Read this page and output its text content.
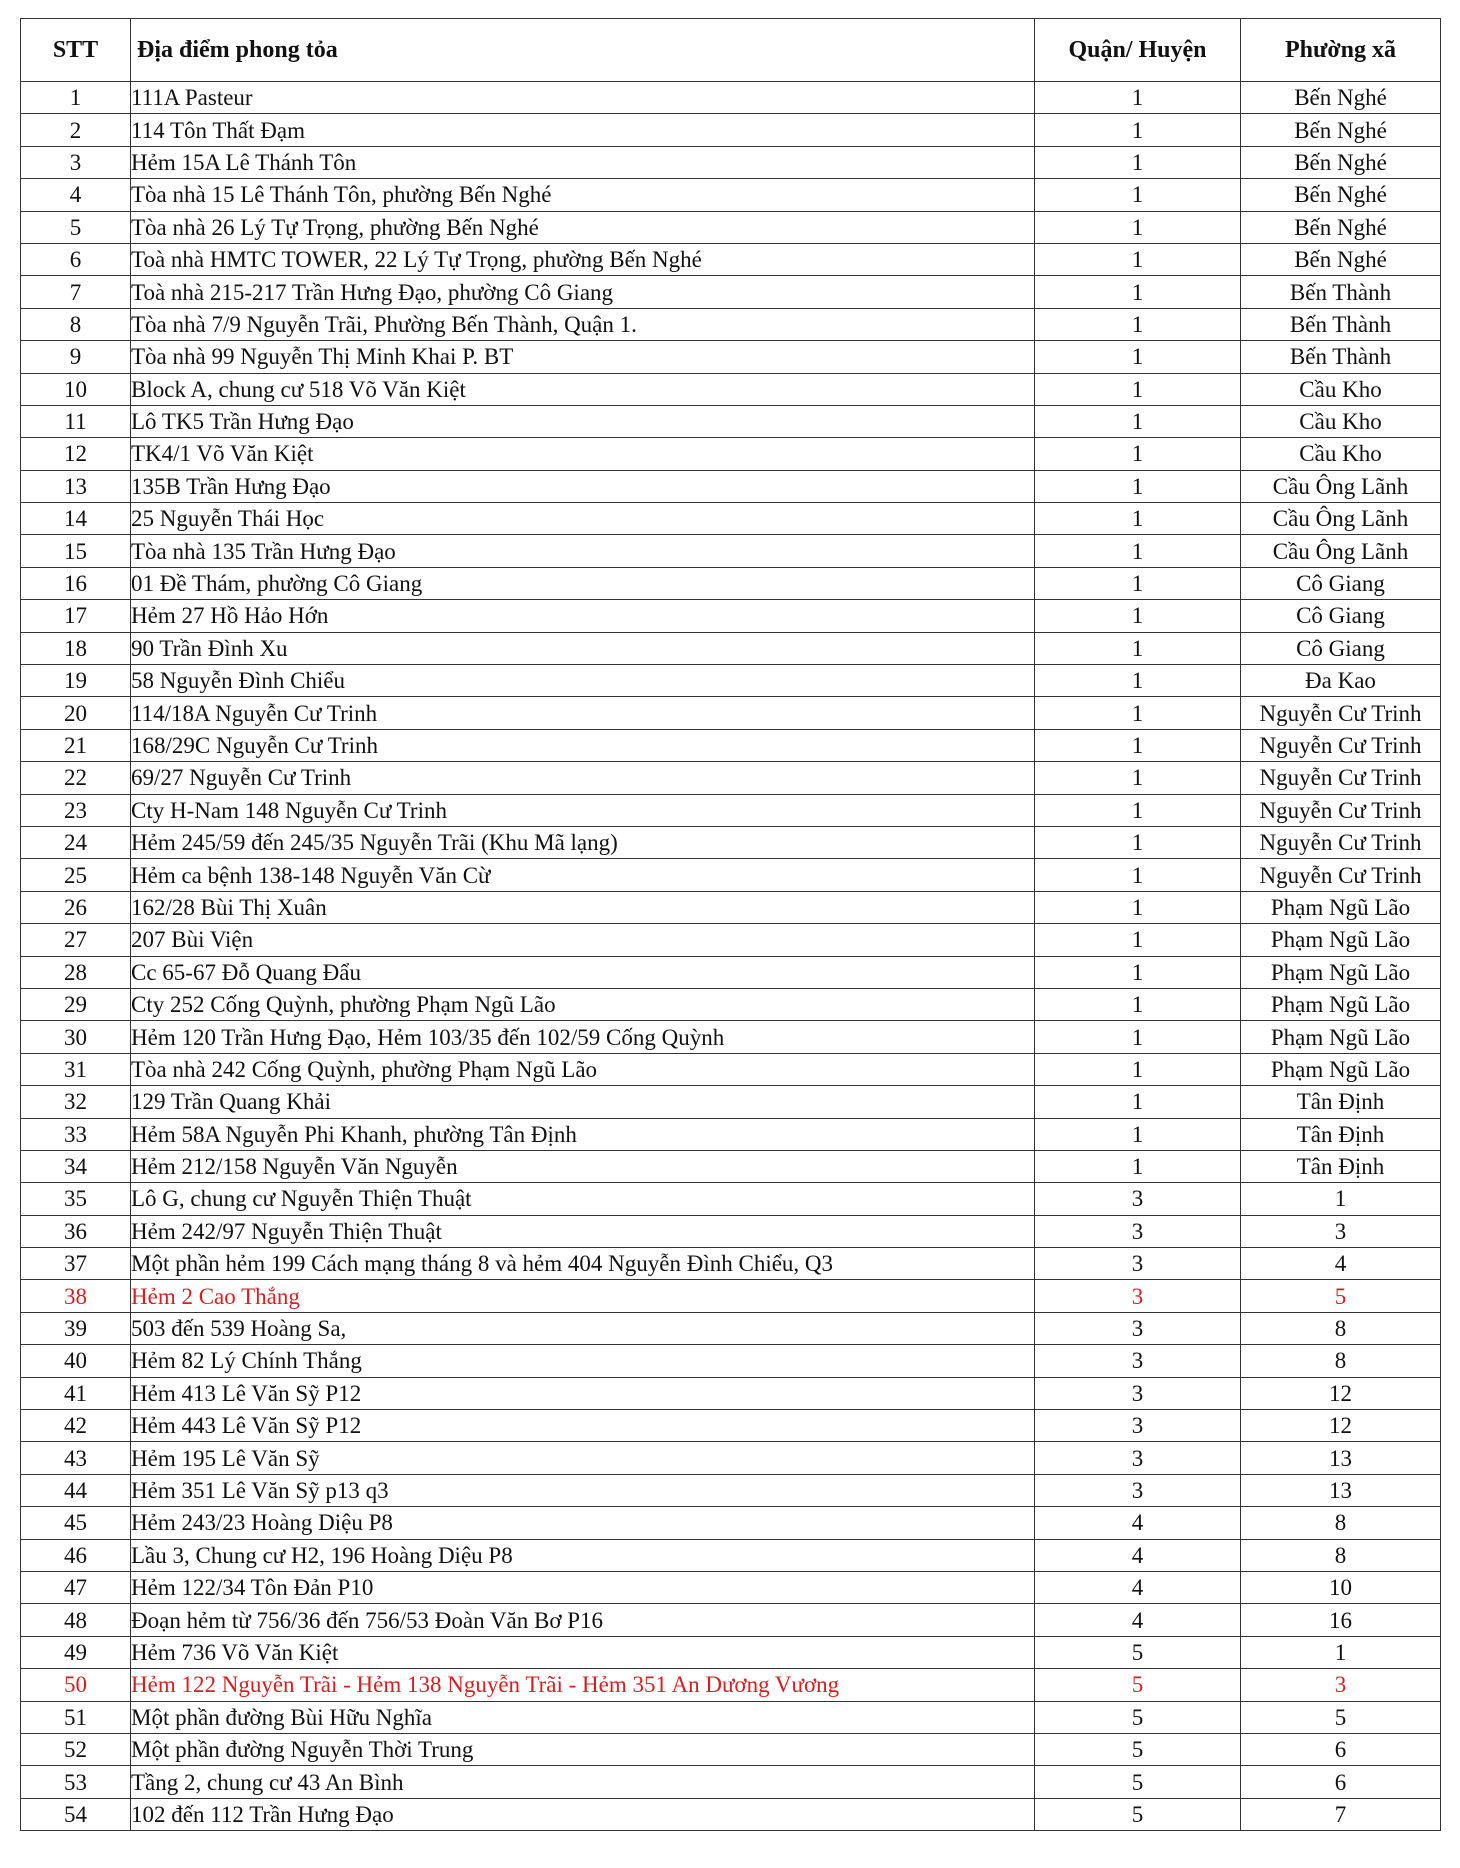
STT	Địa điểm phong tỏa	Quận/ Huyện	Phường xã
1	111A Pasteur	1	Bến Nghé
2	114 Tôn Thất Đạm	1	Bến Nghé
3	Hẻm 15A Lê Thánh Tôn	1	Bến Nghé
4	Tòa nhà 15 Lê Thánh Tôn, phường Bến Nghé	1	Bến Nghé
5	Tòa nhà 26 Lý Tự Trọng, phường Bến Nghé	1	Bến Nghé
6	Toà nhà HMTC TOWER, 22 Lý Tự Trọng, phường Bến Nghé	1	Bến Nghé
7	Toà nhà 215-217 Trần Hưng Đạo, phường Cô Giang	1	Bến Thành
8	Tòa nhà 7/9 Nguyễn Trãi, Phường Bến Thành, Quận 1.	1	Bến Thành
9	Tòa nhà 99 Nguyễn Thị Minh Khai P. BT	1	Bến Thành
10	Block A, chung cư 518 Võ Văn Kiệt	1	Cầu Kho
11	Lô TK5 Trần Hưng Đạo	1	Cầu Kho
12	TK4/1 Võ Văn Kiệt	1	Cầu Kho
13	135B Trần Hưng Đạo	1	Cầu Ông Lãnh
14	25 Nguyễn Thái Học	1	Cầu Ông Lãnh
15	Tòa nhà 135 Trần Hưng Đạo	1	Cầu Ông Lãnh
16	01 Đề Thám, phường Cô Giang	1	Cô Giang
17	Hẻm 27 Hồ Hảo Hớn	1	Cô Giang
18	90 Trần Đình Xu	1	Cô Giang
19	58 Nguyễn Đình Chiểu	1	Đa Kao
20	114/18A Nguyễn Cư Trinh	1	Nguyễn Cư Trinh
21	168/29C Nguyễn Cư Trinh	1	Nguyễn Cư Trinh
22	69/27 Nguyễn Cư Trinh	1	Nguyễn Cư Trinh
23	Cty H-Nam 148 Nguyễn Cư Trinh	1	Nguyễn Cư Trinh
24	Hẻm 245/59 đến 245/35 Nguyễn Trãi (Khu Mã lạng)	1	Nguyễn Cư Trinh
25	Hẻm ca bệnh 138-148 Nguyễn Văn Cừ	1	Nguyễn Cư Trinh
26	162/28 Bùi Thị Xuân	1	Phạm Ngũ Lão
27	207 Bùi Viện	1	Phạm Ngũ Lão
28	Cc 65-67 Đỗ Quang Đẩu	1	Phạm Ngũ Lão
29	Cty 252 Cống Quỳnh, phường Phạm Ngũ Lão	1	Phạm Ngũ Lão
30	Hẻm 120 Trần Hưng Đạo, Hẻm 103/35 đến 102/59 Cống Quỳnh	1	Phạm Ngũ Lão
31	Tòa nhà 242 Cống Quỳnh, phường Phạm Ngũ Lão	1	Phạm Ngũ Lão
32	129 Trần Quang Khải	1	Tân Định
33	Hẻm 58A Nguyễn Phi Khanh, phường Tân Định	1	Tân Định
34	Hẻm 212/158 Nguyễn Văn Nguyễn	1	Tân Định
35	Lô G, chung cư Nguyễn Thiện Thuật	3	1
36	Hẻm 242/97 Nguyễn Thiện Thuật	3	3
37	Một phần hẻm 199 Cách mạng tháng 8 và hẻm 404 Nguyễn Đình Chiểu, Q3	3	4
38	Hẻm 2 Cao Thắng	3	5
39	503 đến 539 Hoàng Sa,	3	8
40	Hẻm 82 Lý Chính Thắng	3	8
41	Hẻm 413 Lê Văn Sỹ P12	3	12
42	Hẻm 443 Lê Văn Sỹ P12	3	12
43	Hẻm 195 Lê Văn Sỹ	3	13
44	Hẻm 351 Lê Văn Sỹ p13 q3	3	13
45	Hẻm 243/23 Hoàng Diệu P8	4	8
46	Lầu 3, Chung cư H2, 196 Hoàng Diệu P8	4	8
47	Hẻm 122/34 Tôn Đản P10	4	10
48	Đoạn hẻm từ 756/36 đến 756/53 Đoàn Văn Bơ P16	4	16
49	Hẻm 736 Võ Văn Kiệt	5	1
50	Hẻm 122 Nguyễn Trãi - Hẻm 138 Nguyễn Trãi - Hẻm 351 An Dương Vương	5	3
51	Một phần đường Bùi Hữu Nghĩa	5	5
52	Một phần đường Nguyễn Thời Trung	5	6
53	Tầng 2, chung cư 43 An Bình	5	6
54	102 đến 112 Trần Hưng Đạo	5	7
